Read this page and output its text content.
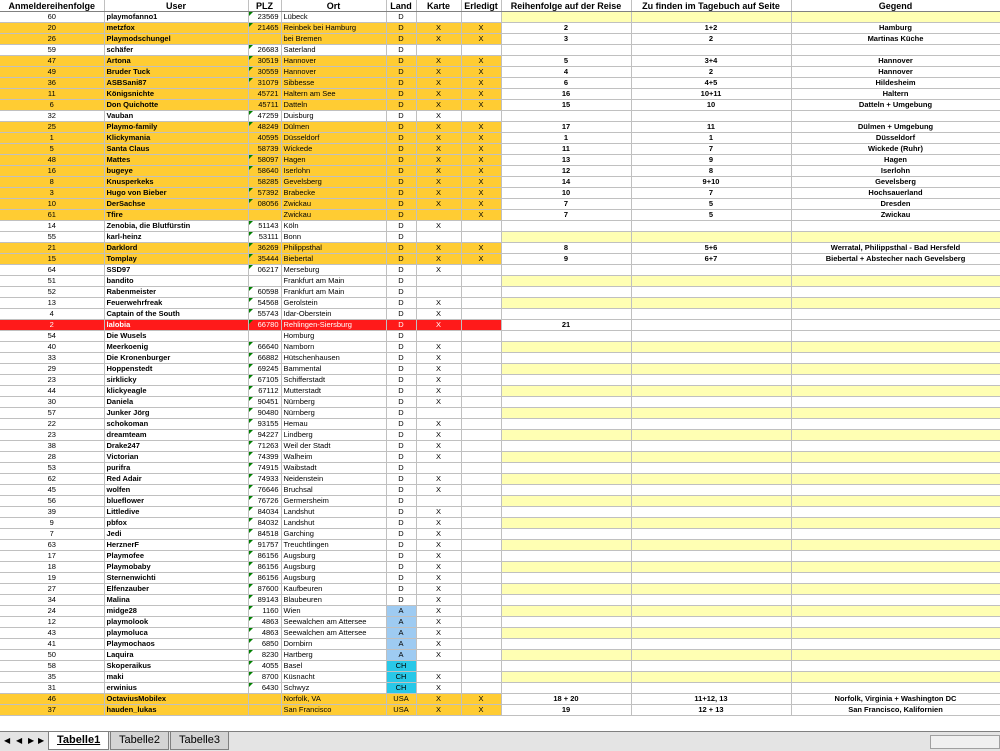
Anmeldereihenfolge	User	PLZ	Ort	Land	Karte	Erledigt	Reihenfolge auf der Reise	Zu finden im Tagebuch auf Seite	Gegend
60	playmofanno1	23569	Lübeck	D					
20	metzfox	21465	Reinbek bei Hamburg	D	X	X	2	1+2	Hamburg
26	Playmodschungel		bei Bremen	D	X	X	3	2	Martinas Küche
59	schäfer	26683	Saterland	D					
47	Artona	30519	Hannover	D	X	X	5	3+4	Hannover
49	Bruder Tuck	30559	Hannover	D	X	X	4	2	Hannover
36	ASBSani87	31079	Sibbesse	D	X	X	6	4+5	Hildesheim
11	Königsnichte	45721	Haltern am See	D	X	X	16	10+11	Haltern
6	Don Quichotte	45711	Datteln	D	X	X	15	10	Datteln + Umgebung
32	Vauban	47259	Duisburg	D	X				
25	Playmo-family	48249	Dülmen	D	X	X	17	11	Dülmen + Umgebung
1	Klickymania	40595	Düsseldorf	D	X	X	1	1	Düsseldorf
5	Santa Claus	58739	Wickede	D	X	X	11	7	Wickede (Ruhr)
48	Mattes	58097	Hagen	D	X	X	13	9	Hagen
16	bugeye	58640	Iserlohn	D	X	X	12	8	Iserlohn
8	Knusperkeks	58285	Gevelsberg	D	X	X	14	9+10	Gevelsberg
3	Hugo von Bieber	57392	Brabecke	D	X	X	10	7	Hochsauerland
10	DerSachse	08056	Zwickau	D	X	X	7	5	Dresden
61	Tfire		Zwickau	D		X	7	5	Zwickau
14	Zenobia, die Blutfürstin	51143	Köln	D	X				
55	karl-heinz	53111	Bonn	D					
21	Darklord	36269	Philippsthal	D	X	X	8	5+6	Werratal, Philippsthal - Bad Hersfeld
15	Tomplay	35444	Biebertal	D	X	X	9	6+7	Biebertal + Abstecher nach Gevelsberg
64	SSD97	06217	Merseburg	D	X				
51	bandito		Frankfurt am Main	D					
52	Rabenmeister	60598	Frankfurt am Main	D					
13	Feuerwehrfreak	54568	Gerolstein	D	X				
4	Captain of the South	55743	Idar-Oberstein	D	X				
2	lalobia	66780	Rehlingen-Siersburg	D	X		21		
54	Die Wusels		Homburg	D					
40	Meerkoenig	66640	Namborn	D	X				
33	Die Kronenburger	66882	Hütschenhausen	D	X				
29	Hoppenstedt	69245	Bammental	D	X				
23	sirklicky	67105	Schifferstadt	D	X				
44	klickyeagle	67112	Mutterstadt	D	X				
30	Daniela	90451	Nürnberg	D	X				
57	Junker Jörg	90480	Nürnberg	D					
22	schokoman	93155	Hemau	D	X				
23	dreamteam	94227	Lindberg	D	X				
38	Drake247	71263	Weil der Stadt	D	X				
28	Victorian	74399	Walheim	D	X				
53	purifra	74915	Waibstadt	D					
62	Red Adair	74933	Neidenstein	D	X				
45	wolfen	76646	Bruchsal	D	X				
56	blueflower	76726	Germersheim	D					
39	Littledive	84034	Landshut	D	X				
9	pbfox	84032	Landshut	D	X				
7	Jedi	84518	Garching	D	X				
63	HerznerF	91757	Treuchtlingen	D	X				
17	Playmofee	86156	Augsburg	D	X				
18	Playmobaby	86156	Augsburg	D	X				
19	Sternenwichti	86156	Augsburg	D	X				
27	Elfenzauber	87600	Kaufbeuren	D	X				
34	Malina	89143	Blaubeuren	D	X				
24	midge28	1160	Wien	A	X				
12	playmolook	4863	Seewalchen am Attersee	A	X				
43	playmoluca	4863	Seewalchen am Attersee	A	X				
41	Playmochaos	6850	Dornbirn	A	X				
50	Laquira	8230	Hartberg	A	X				
58	Skoperaikus	4055	Basel	CH					
35	maki	8700	Küsnacht	CH	X				
31	erwinius	6430	Schwyz	CH	X				
46	OctaviusMobilex		Norfolk, VA	USA	X	X	18 + 20	11+12, 13	Norfolk, Virginia + Washington DC
37	hauden_lukas		San Francisco	USA	X	X	19	12 + 13	San Francisco, Kalifornien
◀ ◀ ▶ ▶	Tabelle1	Tabelle2	Tabelle3
